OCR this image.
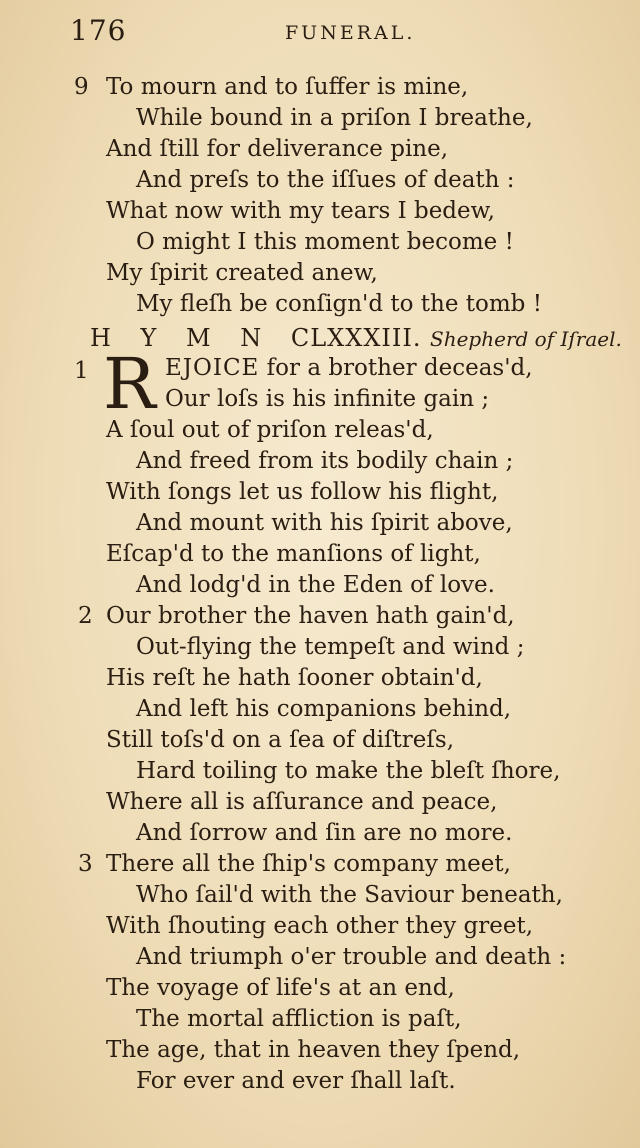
176	FUNERAL.
9 To mourn and to ſuffer is mine,
While bound in a priſon I breathe,
And ſtill for deliverance pine,
And preſs to the iſſues of death :
What now with my tears I bedew,
O might I this moment become !
My ſpirit created anew,
My fleſh be conſign'd to the tomb !
H Y M N CLXXXIII. Shepherd of Iſrael.
1 R EJOICE for a brother deceas'd,
Our loſs is his infinite gain ;
A ſoul out of priſon releas'd,
And freed from its bodily chain ;
With ſongs let us follow his flight,
And mount with his ſpirit above,
Eſcap'd to the manſions of light,
And lodg'd in the Eden of love.
2 Our brother the haven hath gain'd,
Out-flying the tempeſt and wind ;
His reſt he hath ſooner obtain'd,
And left his companions behind,
Still toſs'd on a ſea of diſtreſs,
Hard toiling to make the bleſt ſhore,
Where all is aſſurance and peace,
And ſorrow and ſin are no more.
3 There all the ſhip's company meet,
Who ſail'd with the Saviour beneath,
With ſhouting each other they greet,
And triumph o'er trouble and death :
The voyage of life's at an end,
The mortal affliction is paſt,
The age, that in heaven they ſpend,
For ever and ever ſhall laſt.
